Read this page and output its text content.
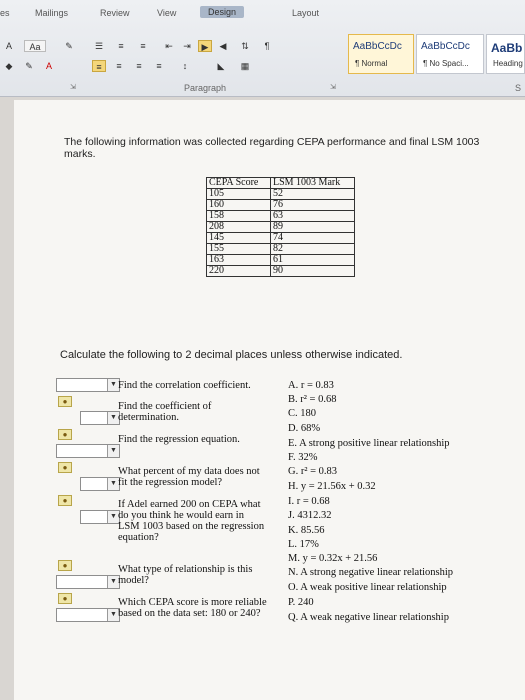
es	Mailings	Review	View	Design	Layout
A	Aa	✎	☰	≡	≡	⇤	⇥	▶	◀	⇅	¶
◆	✎	A	≡	≡	≡	≡	↕	◣	▦
AaBbCcDc
¶ Normal
AaBbCcDc
¶ No Spaci...
AaBb
Heading
Paragraph
⇲	⇲	S
The following information was collected regarding CEPA performance and final LSM 1003 marks.
CEPA Score	LSM 1003 Mark
105	52
160	76
158	63
208	89
145	74
155	82
163	61
220	90
Calculate the following to 2 decimal places unless otherwise indicated.
▼
●
▼
●
▼
●
▼
●
▼
●
▼
●
▼
Find the correlation coefficient.
Find the coefficient of determination.
Find the regression equation.
What percent of my data does not fit the regression model?
If Adel earned 200 on CEPA what do you think he would earn in LSM 1003 based on the regression equation?
What type of relationship is this model?
Which CEPA score is more reliable based on the data set: 180 or 240?
A. r = 0.83
B. r² = 0.68
C. 180
D. 68%
E. A strong positive linear relationship
F. 32%
G. r² = 0.83
H. y = 21.56x + 0.32
I. r = 0.68
J. 4312.32
K. 85.56
L. 17%
M. y = 0.32x + 21.56
N. A strong negative linear relationship
O. A weak positive linear relationship
P. 240
Q. A weak negative linear relationship
